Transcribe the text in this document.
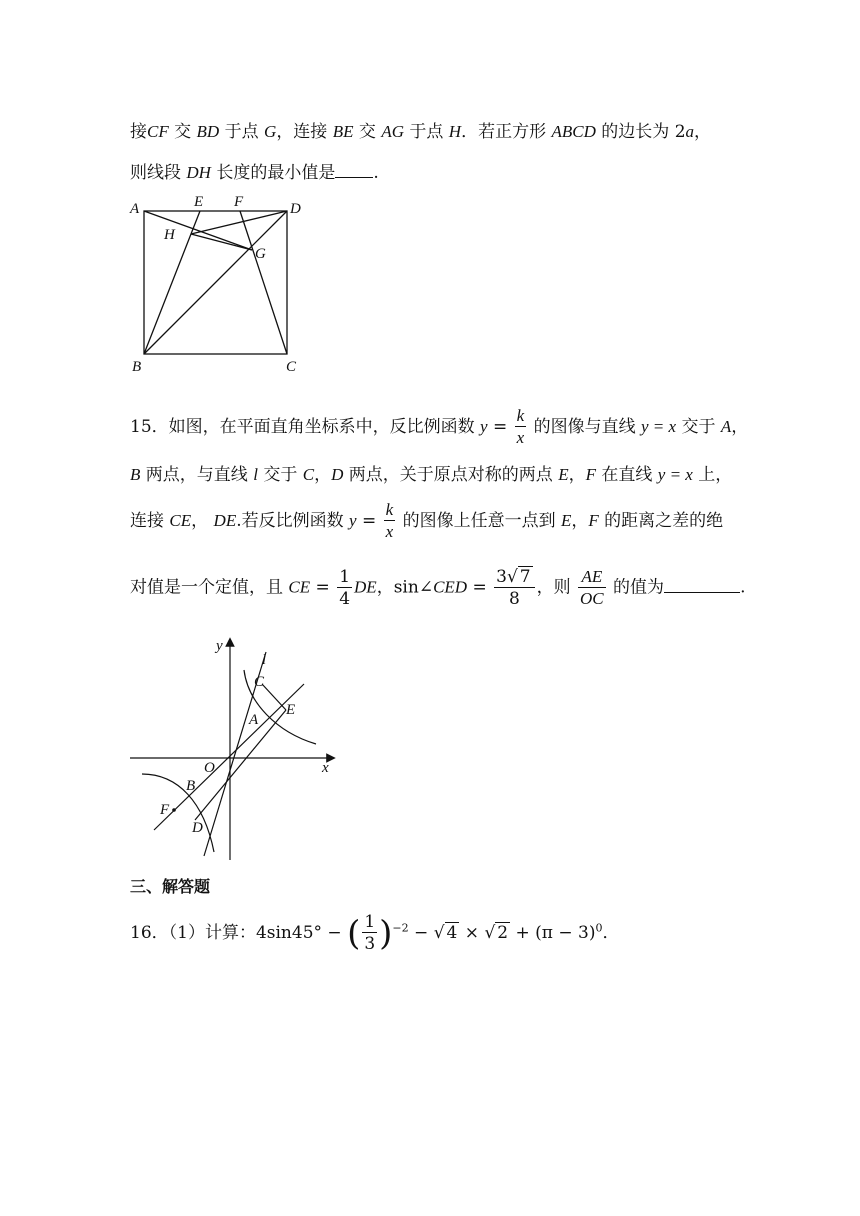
接CF 交 BD 于点 G，连接 BE 交 AG 于点 H．若正方形 ABCD 的边长为 2a，
则线段 DH 长度的最小值是 .
A	E F	D
H
G
B	C
15．如图，在平面直角坐标系中，反比例函数 $y = \frac{k}{x}$ 的图像与直线 y = x 交于 A，
B 两点，与直线 l 交于 C，D 两点，关于原点对称的两点 E，F 在直线 y = x 上，
连接 CE， DE.若反比例函数 $y = \frac{k}{x}$ 的图像上任意一点到 E，F 的距离之差的绝
对值是一个定值，且 CE = $\frac{1}{4}$ DE，sin∠CED = $\frac{3√ 7}{8}$ ，则 $\frac{AE}{OC}$ 的值为	.
y
l
C
A
E
O	x
B
F
D
三、解答题
16．（1）计算：4sin45° − ( $\frac{1}{3} )^{-2}$ − √ 4 × √ $2 + (\pi - 3)^0$．
